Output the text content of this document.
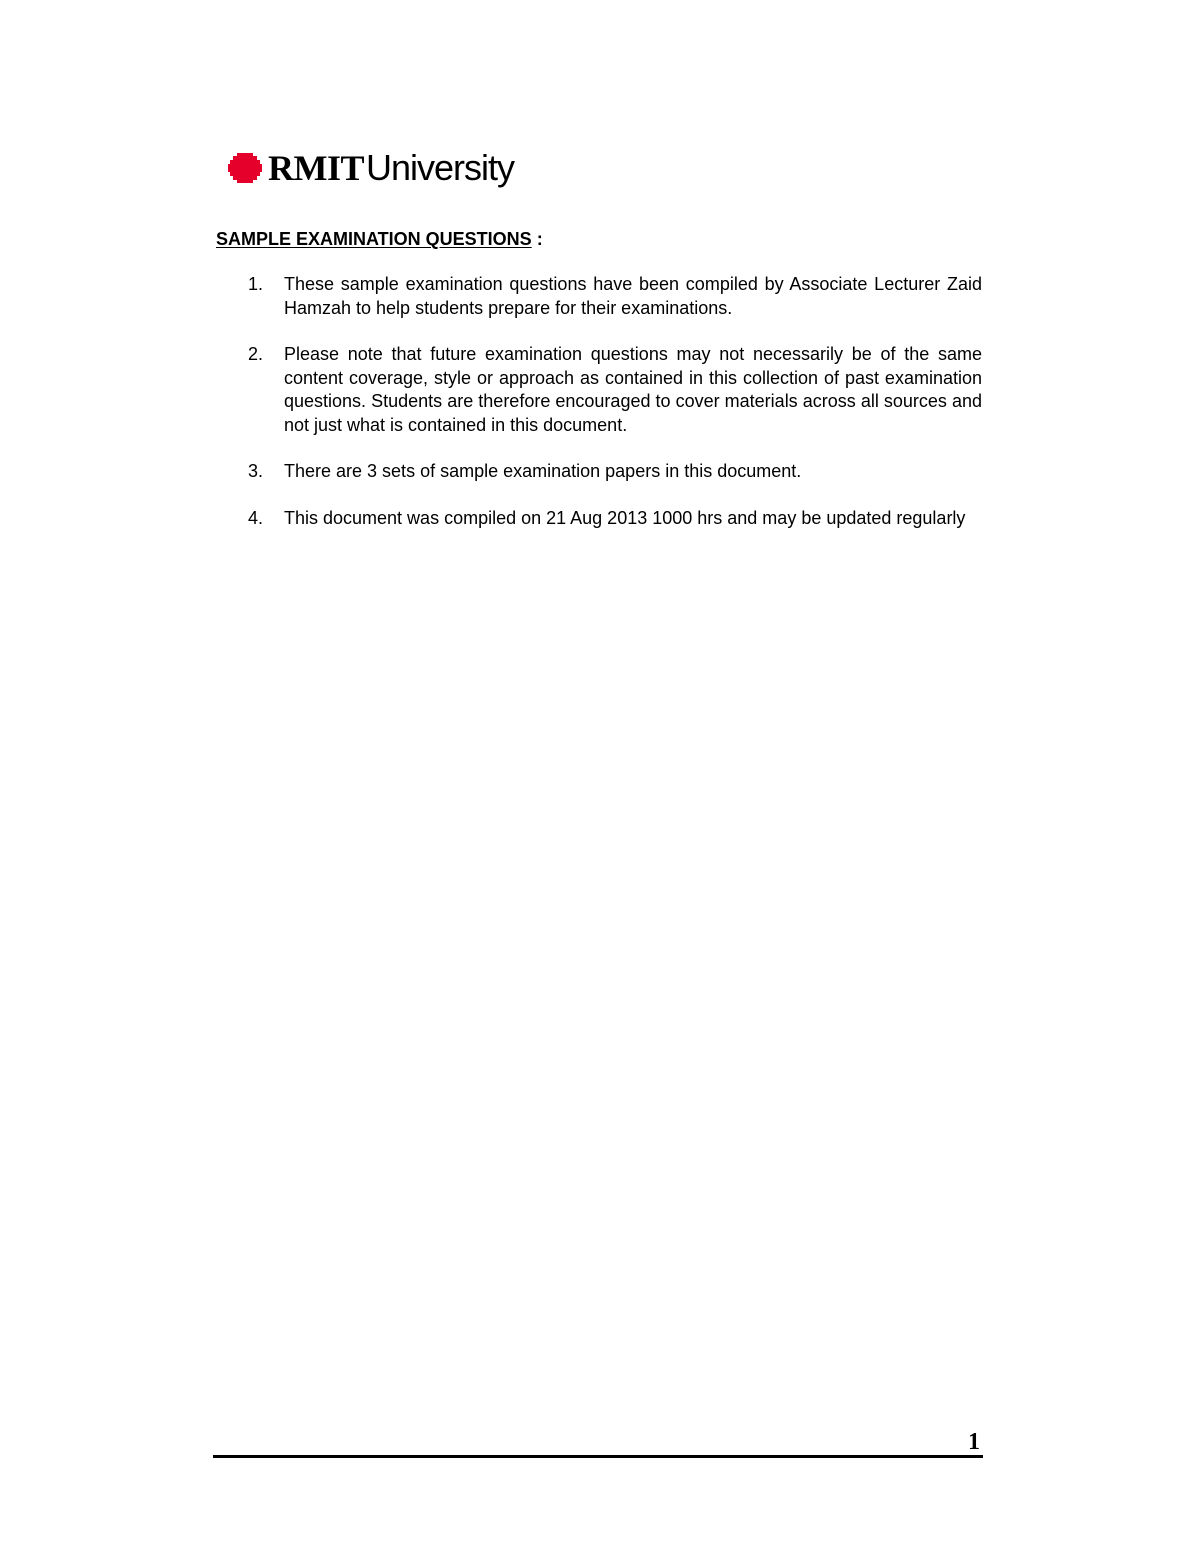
RMIT University
SAMPLE EXAMINATION QUESTIONS :
1. These sample examination questions have been compiled by Associate Lecturer Zaid Hamzah to help students prepare for their examinations.
2. Please note that future examination questions may not necessarily be of the same content coverage, style or approach as contained in this collection of past examination questions. Students are therefore encouraged to cover materials across all sources and not just what is contained in this document.
3. There are 3 sets of sample examination papers in this document.
4. This document was compiled on 21 Aug 2013 1000 hrs and may be updated regularly
1
